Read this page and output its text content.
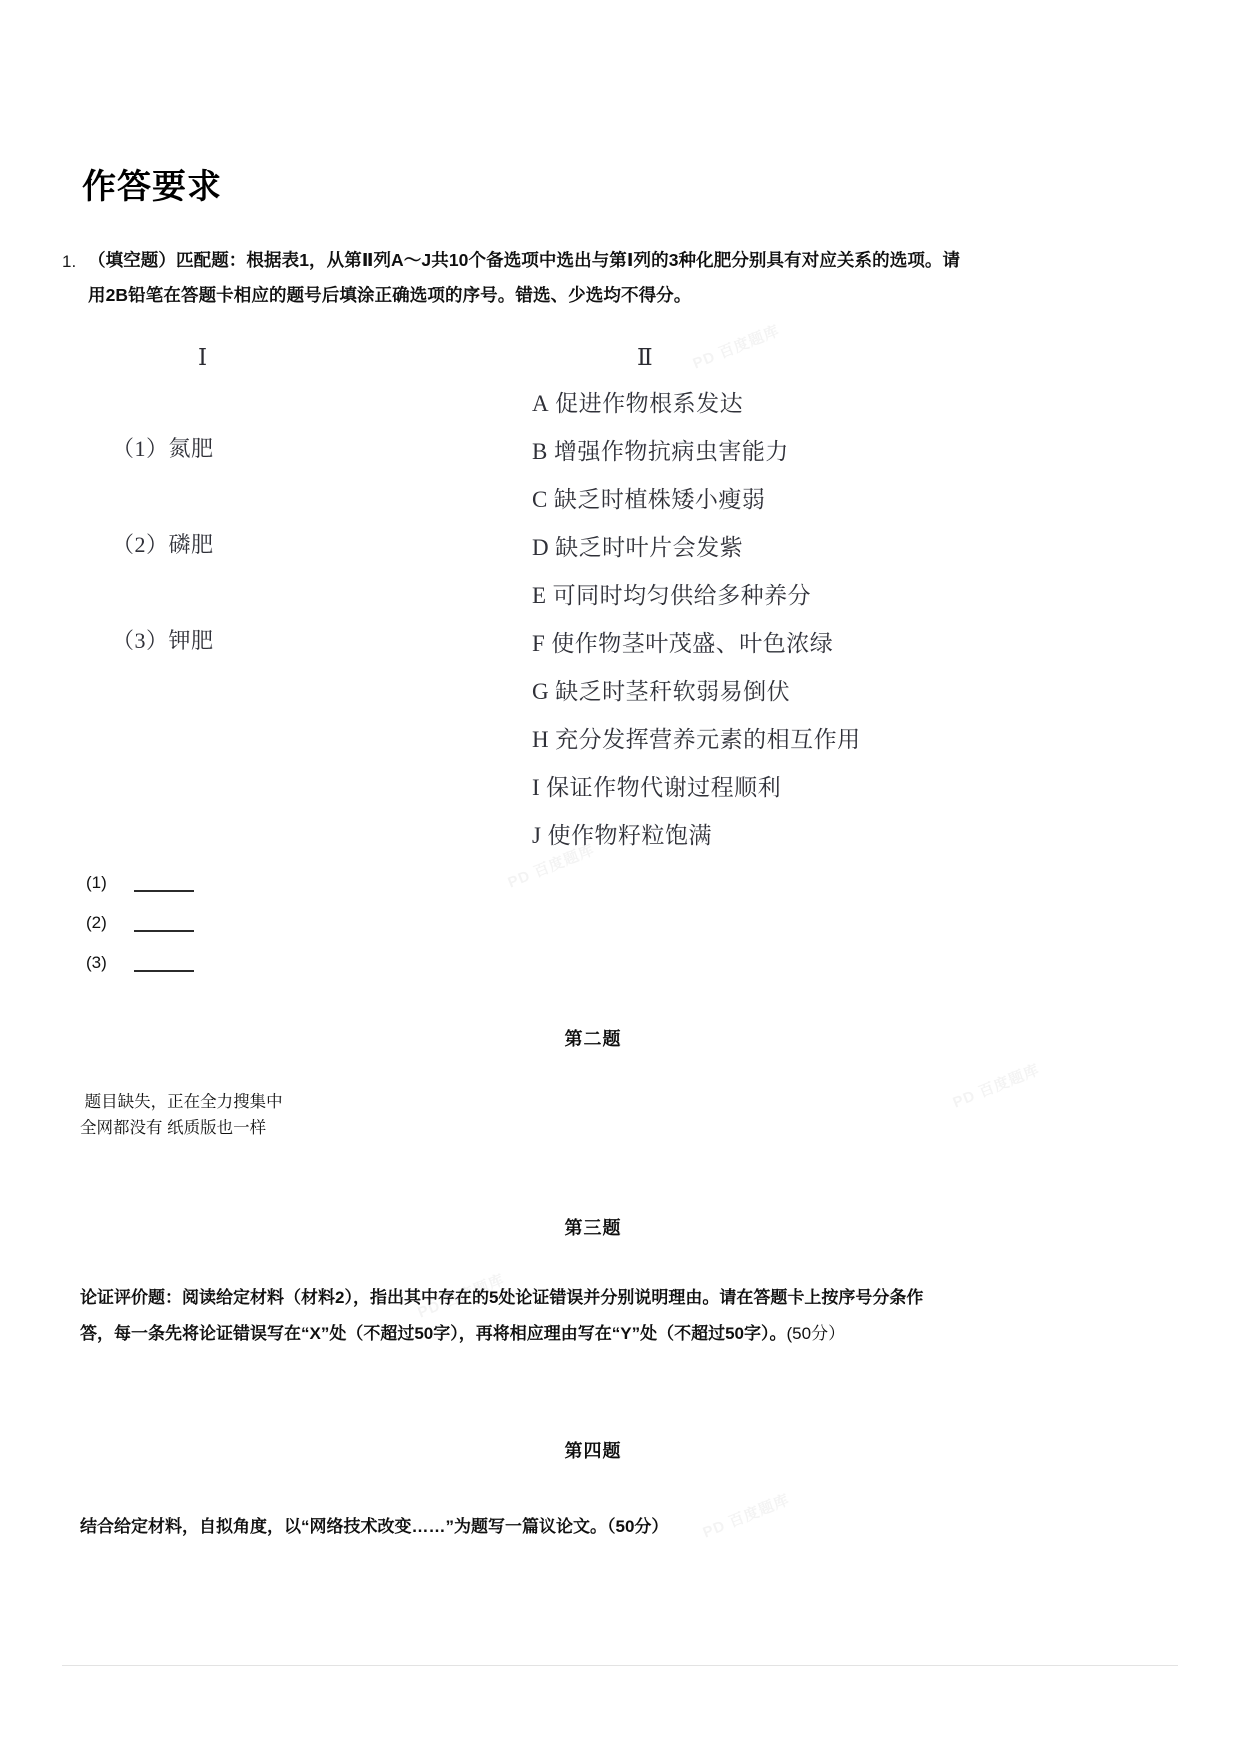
作答要求
1. （填空题）匹配题：根据表1，从第Ⅱ列A～J共10个备选项中选出与第Ⅰ列的3种化肥分别具有对应关系的选项。请
用2B铅笔在答题卡相应的题号后填涂正确选项的序号。错选、少选均不得分。
Ⅰ	Ⅱ
（1）氮肥
（2）磷肥
（3）钾肥
A 促进作物根系发达
B 增强作物抗病虫害能力
C 缺乏时植株矮小瘦弱
D 缺乏时叶片会发紫
E 可同时均匀供给多种养分
F 使作物茎叶茂盛、叶色浓绿
G 缺乏时茎秆软弱易倒伏
H 充分发挥营养元素的相互作用
I 保证作物代谢过程顺利
J 使作物籽粒饱满
(1)
(2)
(3)
第二题
题目缺失，正在全力搜集中
全网都没有 纸质版也一样
第三题
论证评价题：阅读给定材料（材料2），指出其中存在的5处论证错误并分别说明理由。请在答题卡上按序号分条作
答，每一条先将论证错误写在“X”处（不超过50字），再将相应理由写在“Y”处（不超过50字）。(50分）
第四题
结合给定材料，自拟角度，以“网络技术改变……”为题写一篇议论文。（50分）
